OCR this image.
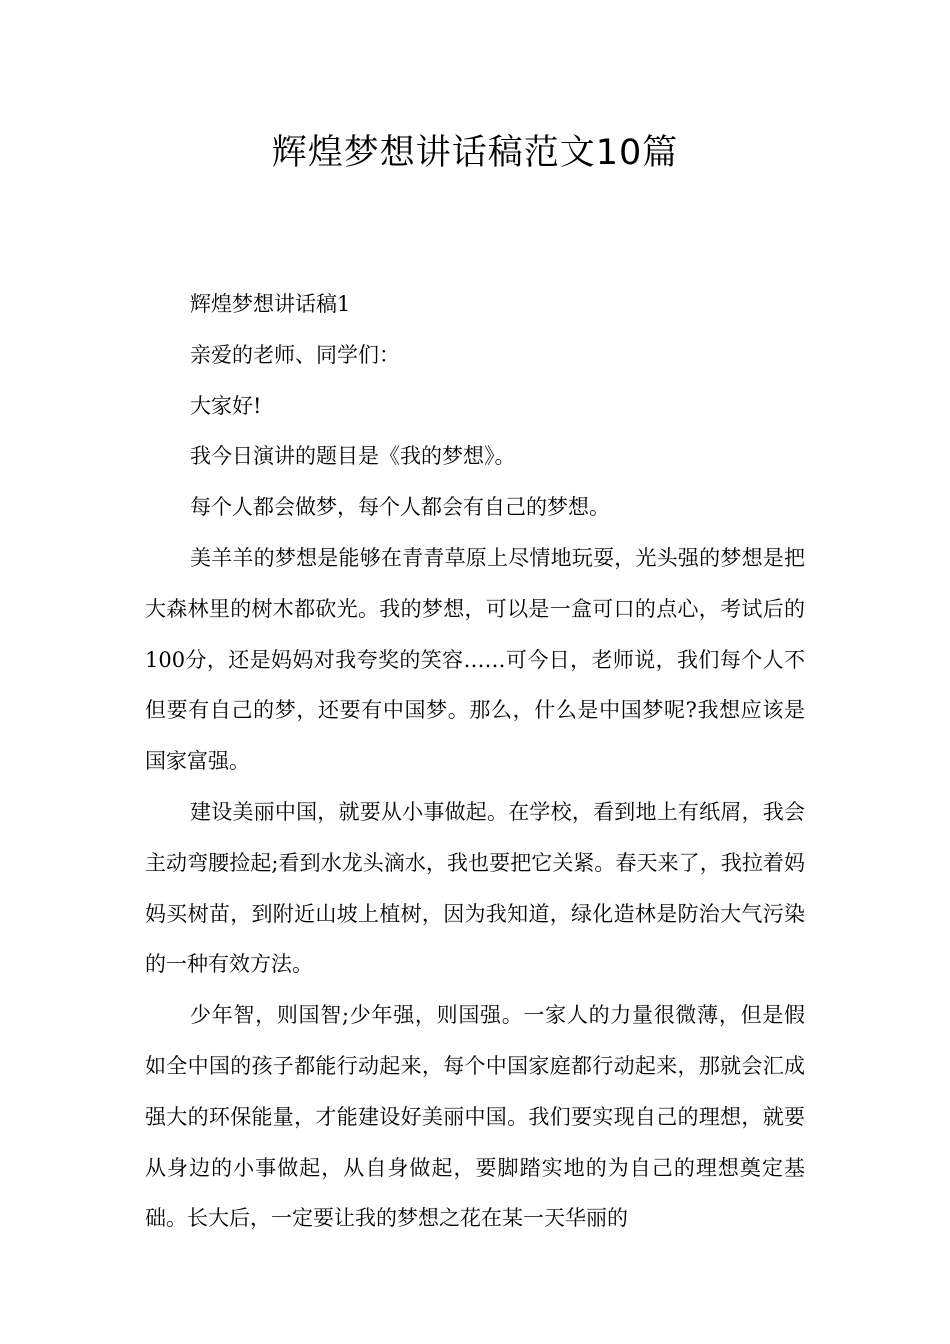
辉煌梦想讲话稿范文10篇

辉煌梦想讲话稿1

亲爱的老师、同学们：

大家好!

我今日演讲的题目是《我的梦想》。

每个人都会做梦，每个人都会有自己的梦想。

美羊羊的梦想是能够在青青草原上尽情地玩耍，光头强的梦想是把大森林里的树木都砍光。我的梦想，可以是一盒可口的点心，考试后的100分，还是妈妈对我夸奖的笑容……可今日，老师说，我们每个人不但要有自己的梦，还要有中国梦。那么，什么是中国梦呢?我想应该是国家富强。

建设美丽中国，就要从小事做起。在学校，看到地上有纸屑，我会主动弯腰捡起;看到水龙头滴水，我也要把它关紧。春天来了，我拉着妈妈买树苗，到附近山坡上植树，因为我知道，绿化造林是防治大气污染的一种有效方法。

少年智，则国智;少年强，则国强。一家人的力量很微薄，但是假如全中国的孩子都能行动起来，每个中国家庭都行动起来，那就会汇成强大的环保能量，才能建设好美丽中国。我们要实现自己的理想，就要从身边的小事做起，从自身做起，要脚踏实地的为自己的理想奠定基础。长大后，一定要让我的梦想之花在某一天华丽的
